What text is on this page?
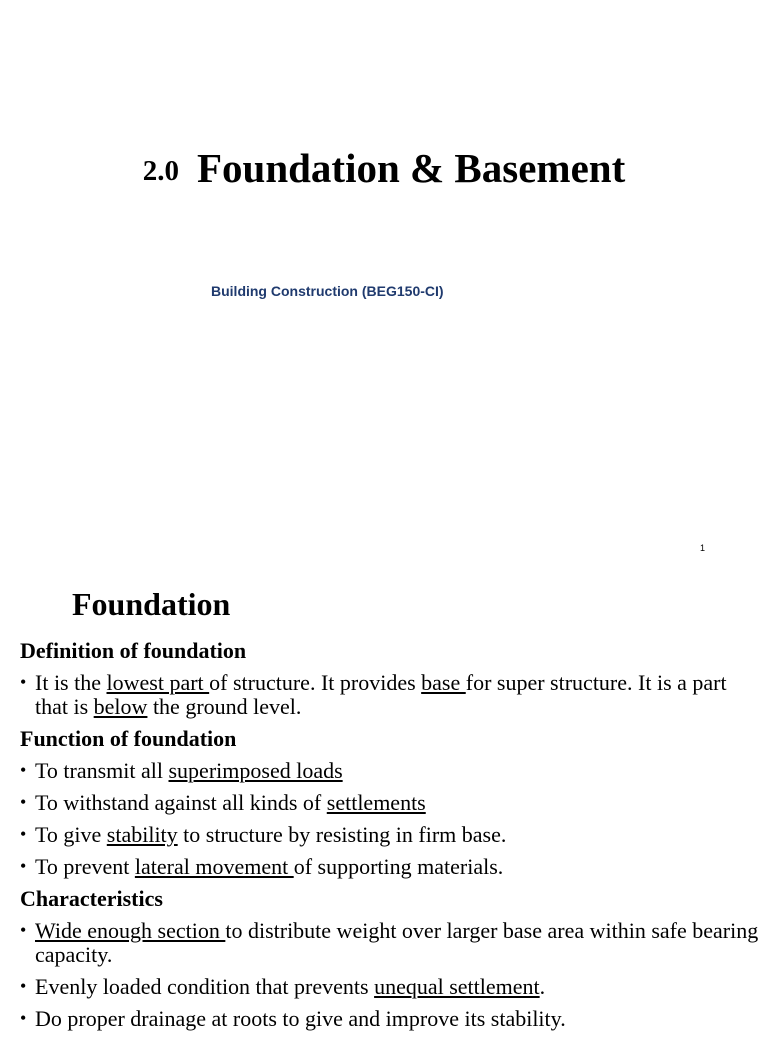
2.0 Foundation & Basement
Building Construction (BEG150-CI)
1
Foundation
Definition of foundation
• It is the lowest part of structure. It provides base for super structure. It is a part that is below the ground level.
Function of foundation
• To transmit all superimposed loads
• To withstand against all kinds of settlements
• To give stability to structure by resisting in firm base.
• To prevent lateral movement of supporting materials.
Characteristics
• Wide enough section to distribute weight over larger base area within safe bearing capacity.
• Evenly loaded condition that prevents unequal settlement.
• Do proper drainage at roots to give and improve its stability.
